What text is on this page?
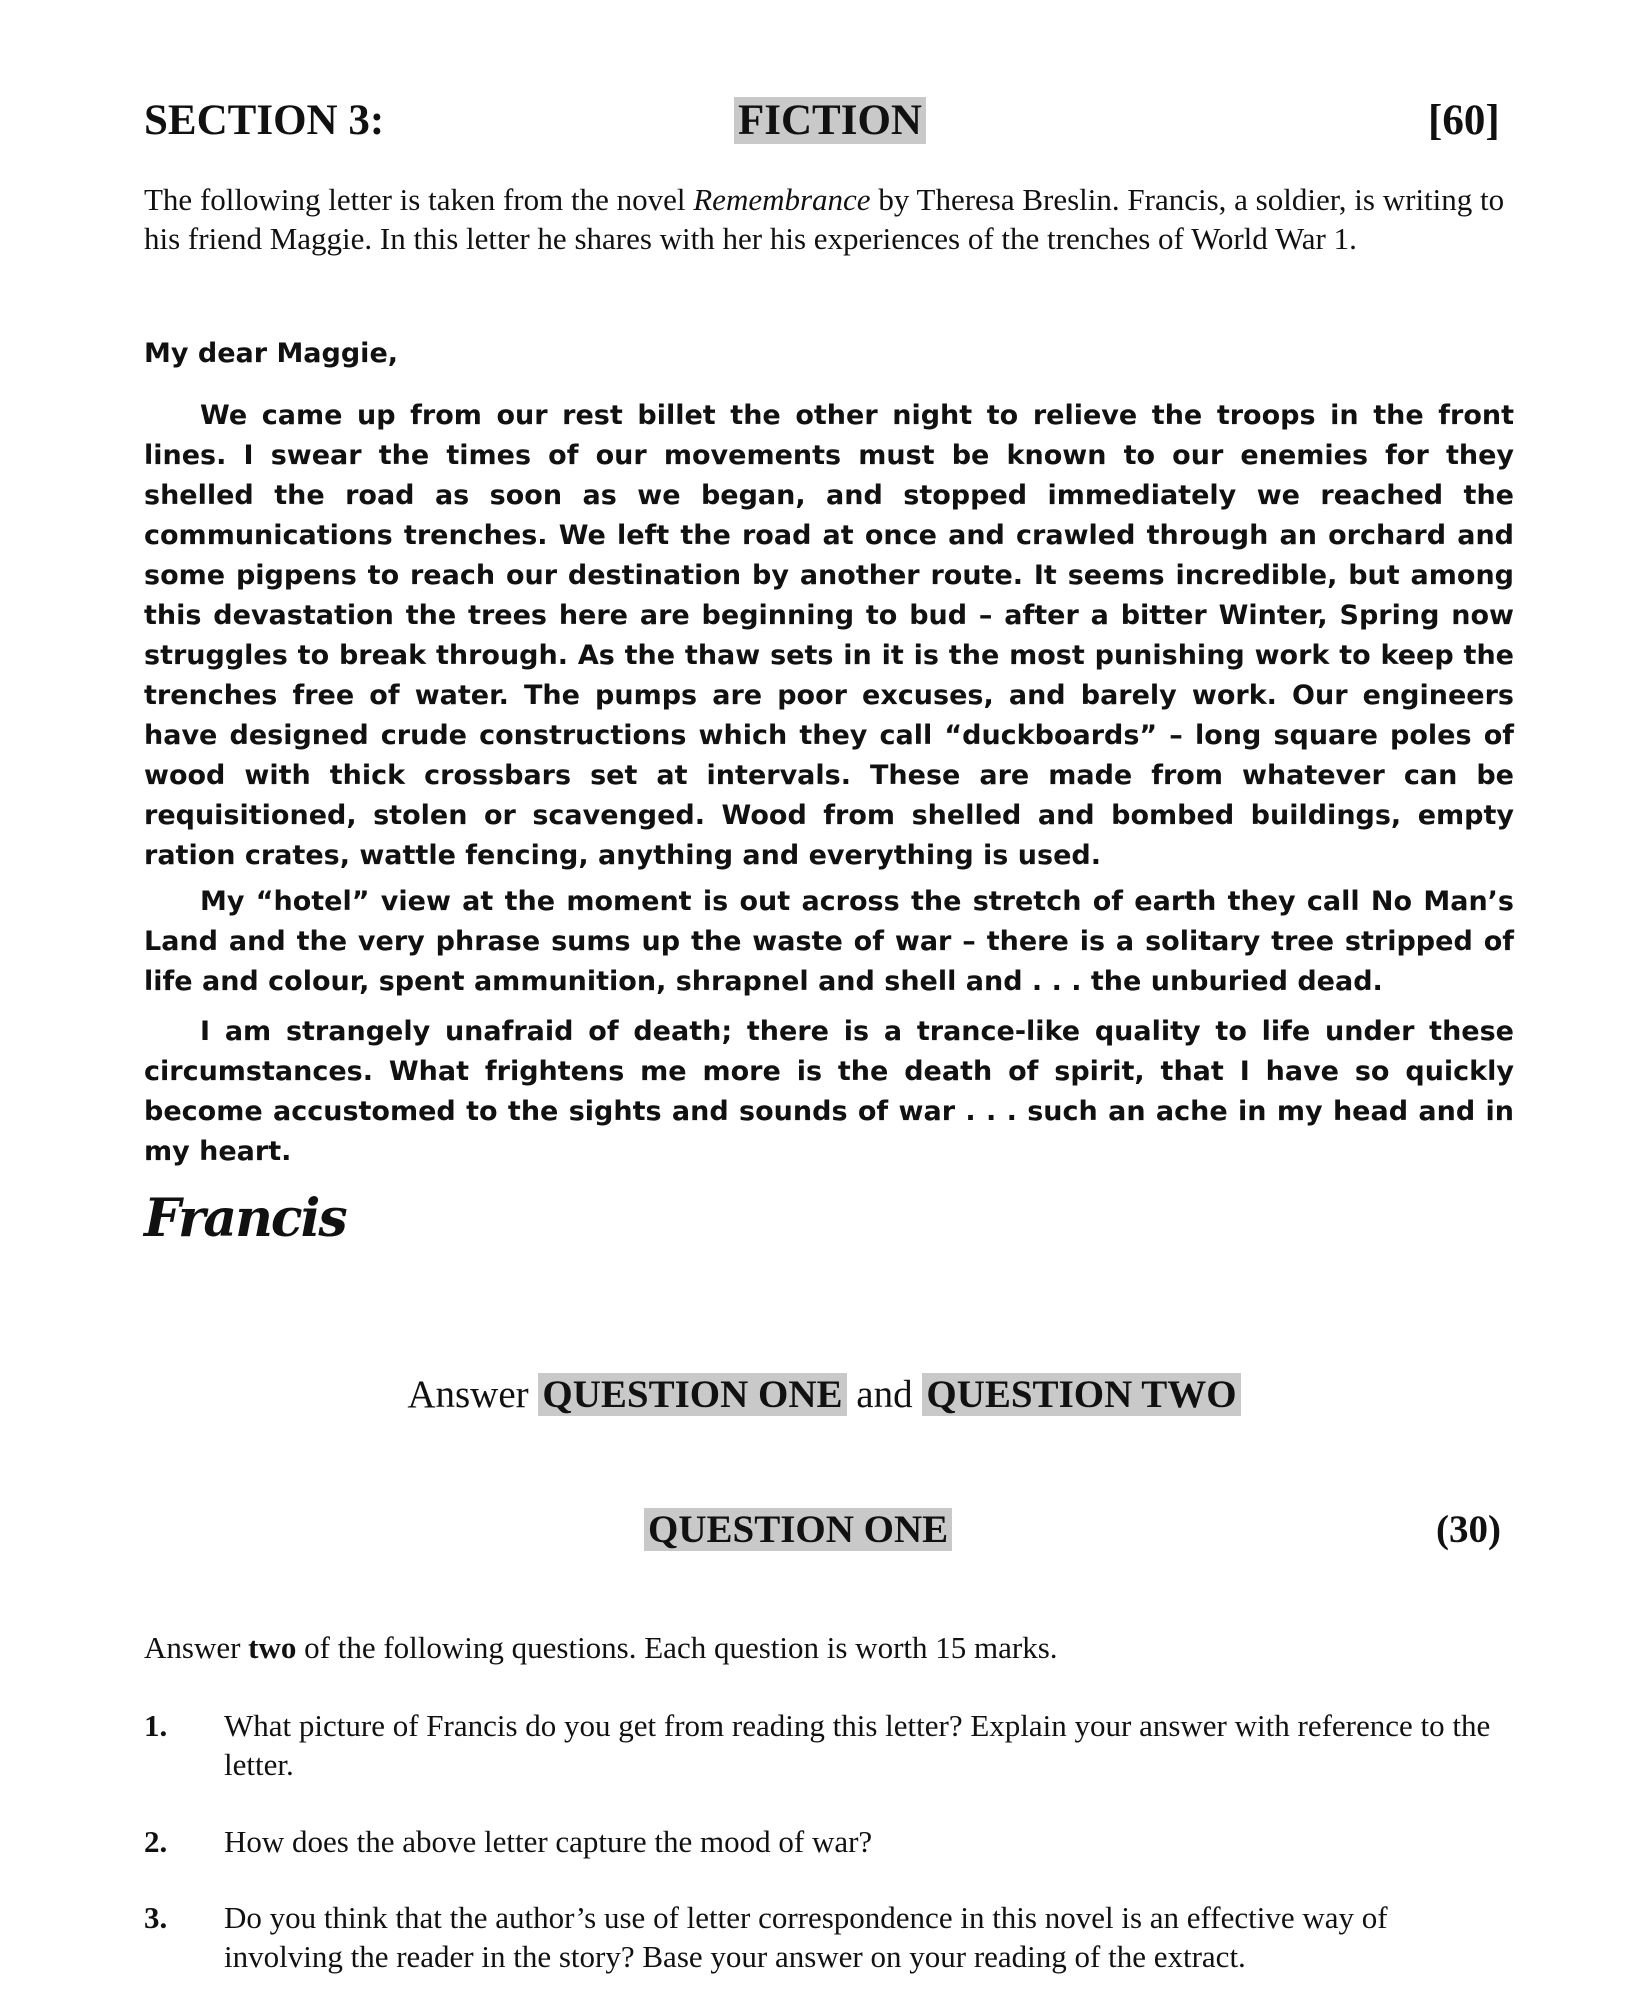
SECTION 3:	FICTION	[60]
The following letter is taken from the novel Remembrance by Theresa Breslin. Francis, a soldier, is writing to his friend Maggie. In this letter he shares with her his experiences of the trenches of World War 1.
My dear Maggie,
We came up from our rest billet the other night to relieve the troops in the front lines. I swear the times of our movements must be known to our enemies for they shelled the road as soon as we began, and stopped immediately we reached the communications trenches. We left the road at once and crawled through an orchard and some pigpens to reach our destination by another route. It seems incredible, but among this devastation the trees here are beginning to bud – after a bitter Winter, Spring now struggles to break through. As the thaw sets in it is the most punishing work to keep the trenches free of water. The pumps are poor excuses, and barely work. Our engineers have designed crude constructions which they call “duckboards” – long square poles of wood with thick crossbars set at intervals. These are made from whatever can be requisitioned, stolen or scavenged. Wood from shelled and bombed buildings, empty ration crates, wattle fencing, anything and everything is used.
My “hotel” view at the moment is out across the stretch of earth they call No Man’s Land and the very phrase sums up the waste of war – there is a solitary tree stripped of life and colour, spent ammunition, shrapnel and shell and . . . the unburied dead.
I am strangely unafraid of death; there is a trance-like quality to life under these circumstances. What frightens me more is the death of spirit, that I have so quickly become accustomed to the sights and sounds of war . . . such an ache in my head and in my heart.
Francis
Answer QUESTION ONE and QUESTION TWO
QUESTION ONE	(30)
Answer two of the following questions. Each question is worth 15 marks.
1. What picture of Francis do you get from reading this letter? Explain your answer with reference to the letter.
2. How does the above letter capture the mood of war?
3. Do you think that the author’s use of letter correspondence in this novel is an effective way of involving the reader in the story? Base your answer on your reading of the extract.
